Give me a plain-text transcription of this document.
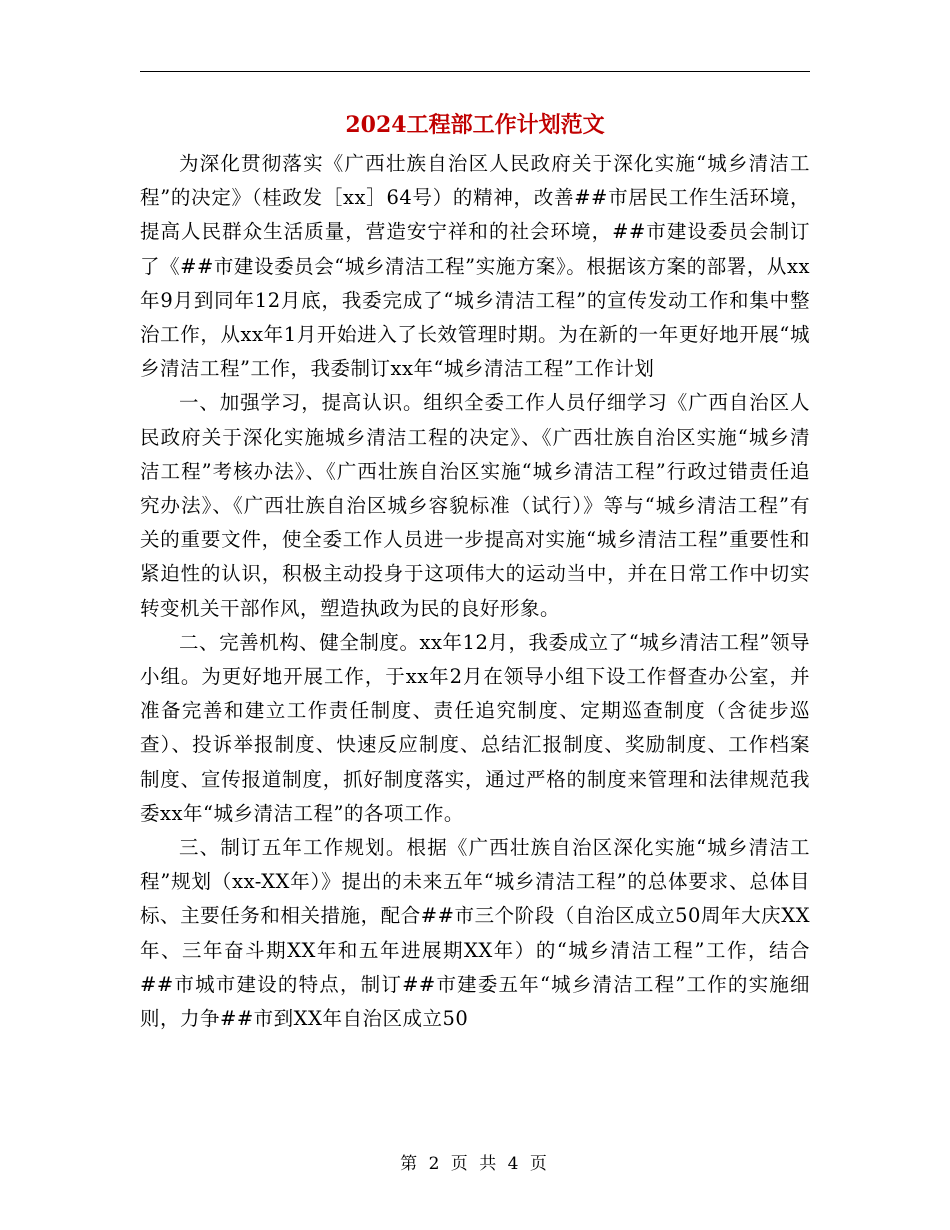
2024工程部工作计划范文

为深化贯彻落实《广西壮族自治区人民政府关于深化实施“城乡清洁工程”的决定》（桂政发［xx］64号）的精神，改善##市居民工作生活环境，提高人民群众生活质量，营造安宁祥和的社会环境，##市建设委员会制订了《##市建设委员会“城乡清洁工程”实施方案》。根据该方案的部署，从xx年9月到同年12月底，我委完成了“城乡清洁工程”的宣传发动工作和集中整治工作，从xx年1月开始进入了长效管理时期。为在新的一年更好地开展“城乡清洁工程”工作，我委制订xx年“城乡清洁工程”工作计划

一、加强学习，提高认识。组织全委工作人员仔细学习《广西自治区人民政府关于深化实施城乡清洁工程的决定》、《广西壮族自治区实施“城乡清洁工程”考核办法》、《广西壮族自治区实施“城乡清洁工程”行政过错责任追究办法》、《广西壮族自治区城乡容貌标准（试行）》等与“城乡清洁工程”有关的重要文件，使全委工作人员进一步提高对实施“城乡清洁工程”重要性和紧迫性的认识，积极主动投身于这项伟大的运动当中，并在日常工作中切实转变机关干部作风，塑造执政为民的良好形象。

二、完善机构、健全制度。xx年12月，我委成立了“城乡清洁工程”领导小组。为更好地开展工作，于xx年2月在领导小组下设工作督查办公室，并准备完善和建立工作责任制度、责任追究制度、定期巡查制度（含徒步巡查）、投诉举报制度、快速反应制度、总结汇报制度、奖励制度、工作档案制度、宣传报道制度，抓好制度落实，通过严格的制度来管理和法律规范我委xx年“城乡清洁工程”的各项工作。

三、制订五年工作规划。根据《广西壮族自治区深化实施“城乡清洁工程”规划（xx-XX年）》提出的未来五年“城乡清洁工程”的总体要求、总体目标、主要任务和相关措施，配合##市三个阶段（自治区成立50周年大庆XX年、三年奋斗期XX年和五年进展期XX年）的“城乡清洁工程”工作，结合##市城市建设的特点，制订##市建委五年“城乡清洁工程”工作的实施细则，力争##市到XX年自治区成立50

第 2 页 共 4 页
